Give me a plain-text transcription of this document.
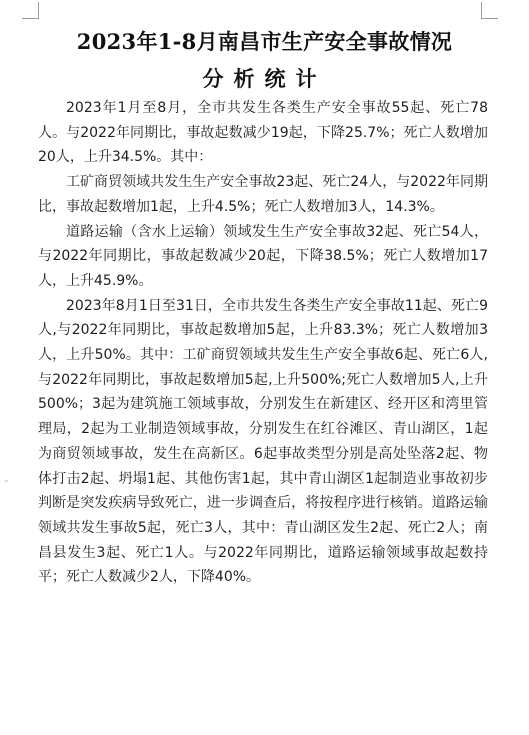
2023年1-8月南昌市生产安全事故情况
分析统计

2023年1月至8月，全市共发生各类生产安全事故55起、死亡78人。与2022年同期比，事故起数减少19起，下降25.7%；死亡人数增加20人，上升34.5%。其中：

工矿商贸领域共发生生产安全事故23起、死亡24人，与2022年同期比，事故起数增加1起，上升4.5%；死亡人数增加3人，14.3%。

道路运输（含水上运输）领域发生生产安全事故32起、死亡54人，与2022年同期比，事故起数减少20起，下降38.5%；死亡人数增加17人，上升45.9%。

2023年8月1日至31日，全市共发生各类生产安全事故11起、死亡9人,与2022年同期比，事故起数增加5起，上升83.3%；死亡人数增加3人，上升50%。其中：工矿商贸领域共发生生产安全事故6起、死亡6人,与2022年同期比，事故起数增加5起,上升500%;死亡人数增加5人,上升500%；3起为建筑施工领域事故，分别发生在新建区、经开区和湾里管理局，2起为工业制造领域事故，分别发生在红谷滩区、青山湖区，1起为商贸领域事故，发生在高新区。6起事故类型分别是高处坠落2起、物体打击2起、坍塌1起、其他伤害1起，其中青山湖区1起制造业事故初步判断是突发疾病导致死亡，进一步调查后，将按程序进行核销。道路运输领域共发生事故5起，死亡3人，其中：青山湖区发生2起、死亡2人；南昌县发生3起、死亡1人。与2022年同期比，道路运输领域事故起数持平；死亡人数减少2人，下降40%。

⌄
